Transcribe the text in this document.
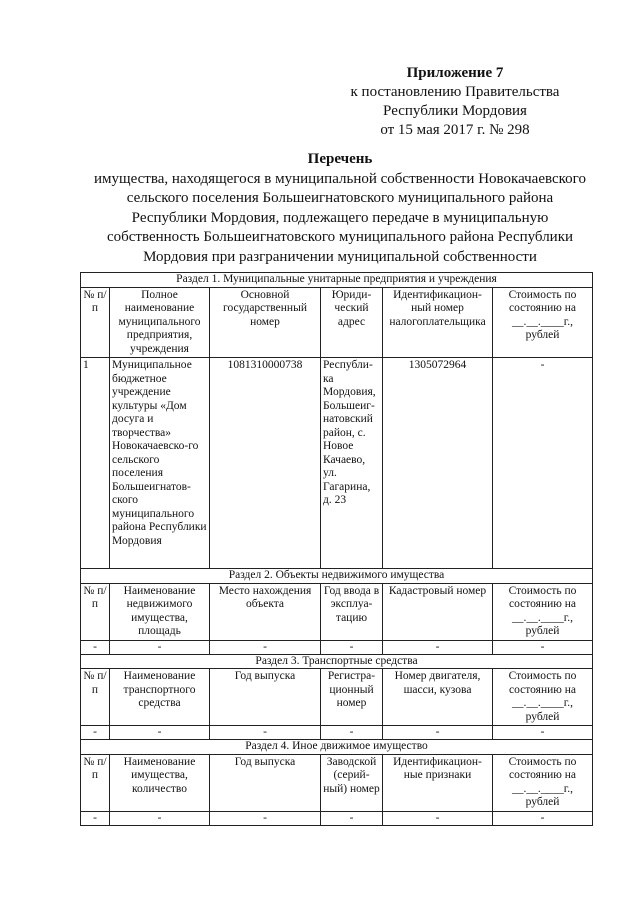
Приложение 7
к постановлению Правительства
Республики Мордовия
от 15 мая 2017 г. № 298
Перечень
имущества, находящегося в муниципальной собственности Новокачаевского
сельского поселения Большеигнатовского муниципального района
Республики Мордовия, подлежащего передаче в муниципальную
собственность Большеигнатовского муниципального района Республики
Мордовия при разграничении муниципальной собственности
Раздел 1. Муниципальные унитарные предприятия и учреждения					
№ п/п	Полное наименование муниципального предприятия, учреждения	Основной государственный номер	Юриди-ческий адрес	Идентификацион-ный номер налогоплательщика	Стоимость по состоянию на __.__.____г., рублей
1	Муниципальное бюджетное учреждение культуры «Дом досуга и творчества» Новокачаевско-го сельского поселения Большеигнатов-ского муниципального района Республики Мордовия	1081310000738	Республи-ка Мордовия, Большеиг-натовский район, с. Новое Качаево, ул. Гагарина, д. 23	1305072964	-
Раздел 2. Объекты недвижимого имущества					
№ п/п	Наименование недвижимого имущества, площадь	Место нахождения объекта	Год ввода в эксплуа-тацию	Кадастровый номер	Стоимость по состоянию на __.__.____г., рублей
-	-	-	-	-	-
Раздел 3. Транспортные средства					
№ п/п	Наименование транспортного средства	Год выпуска	Регистра-ционный номер	Номер двигателя, шасси, кузова	Стоимость по состоянию на __.__.____г., рублей
-	-	-	-	-	-
Раздел 4. Иное движимое имущество					
№ п/п	Наименование имущества, количество	Год выпуска	Заводской (серий-ный) номер	Идентификацион-ные признаки	Стоимость по состоянию на __.__.____г., рублей
-	-	-	-	-	-
